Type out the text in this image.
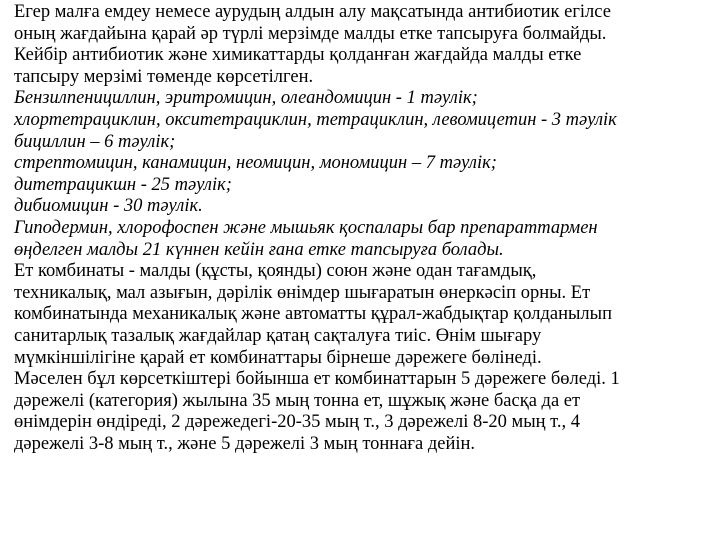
Егер малға емдеу немесе аурудың алдын алу мақсатында антибиотик егілсе
оның жағдайына қарай әр түрлі мерзімде малды етке тапсыруға болмайды.
Кейбір антибиотик және химикаттарды қолданған жағдайда малды етке
тапсыру мерзімі төменде көрсетілген.
Бензилпенициллин, эритромицин, олеандомицин - 1 тәулік;
хлортетрациклин, окситетрациклин, тетрациклин, левомицетин - 3 тәулік
бициллин – 6 тәулік;
стрептомицин, канамицин, неомицин, мономицин – 7 тәулік;
дитетрацикшн - 25 тәулік;
дибиомицин - 30 тәулік.
Гиподермин, хлорофоспен және мышьяк қоспалары бар препараттармен
өңделген малды 21 күннен кейін ғана етке тапсыруға болады.
Ет комбинаты - малды (құсты, қоянды) союн және одан тағамдық,
техникалық, мал азығын, дәрілік өнімдер шығаратын өнеркәсіп орны. Ет
комбинатында механикалық және автоматты құрал-жабдықтар қолданылып
санитарлық тазалық жағдайлар қатаң сақталуға тиіс. Өнім шығару
мүмкіншілігіне қарай ет комбинаттары бірнеше дәрежеге бөлінеді.
Мәселен бұл көрсеткіштері бойынша ет комбинаттарын 5 дәрежеге бөледі. 1
дәрежелі (категория) жылына 35 мың тонна ет, шұжық және басқа да ет
өнімдерін өндіреді, 2 дәрежедегі-20-35 мың т., 3 дәрежелі 8-20 мың т., 4
дәрежелі 3-8 мың т., және 5 дәрежелі 3 мың тоннаға дейін.
